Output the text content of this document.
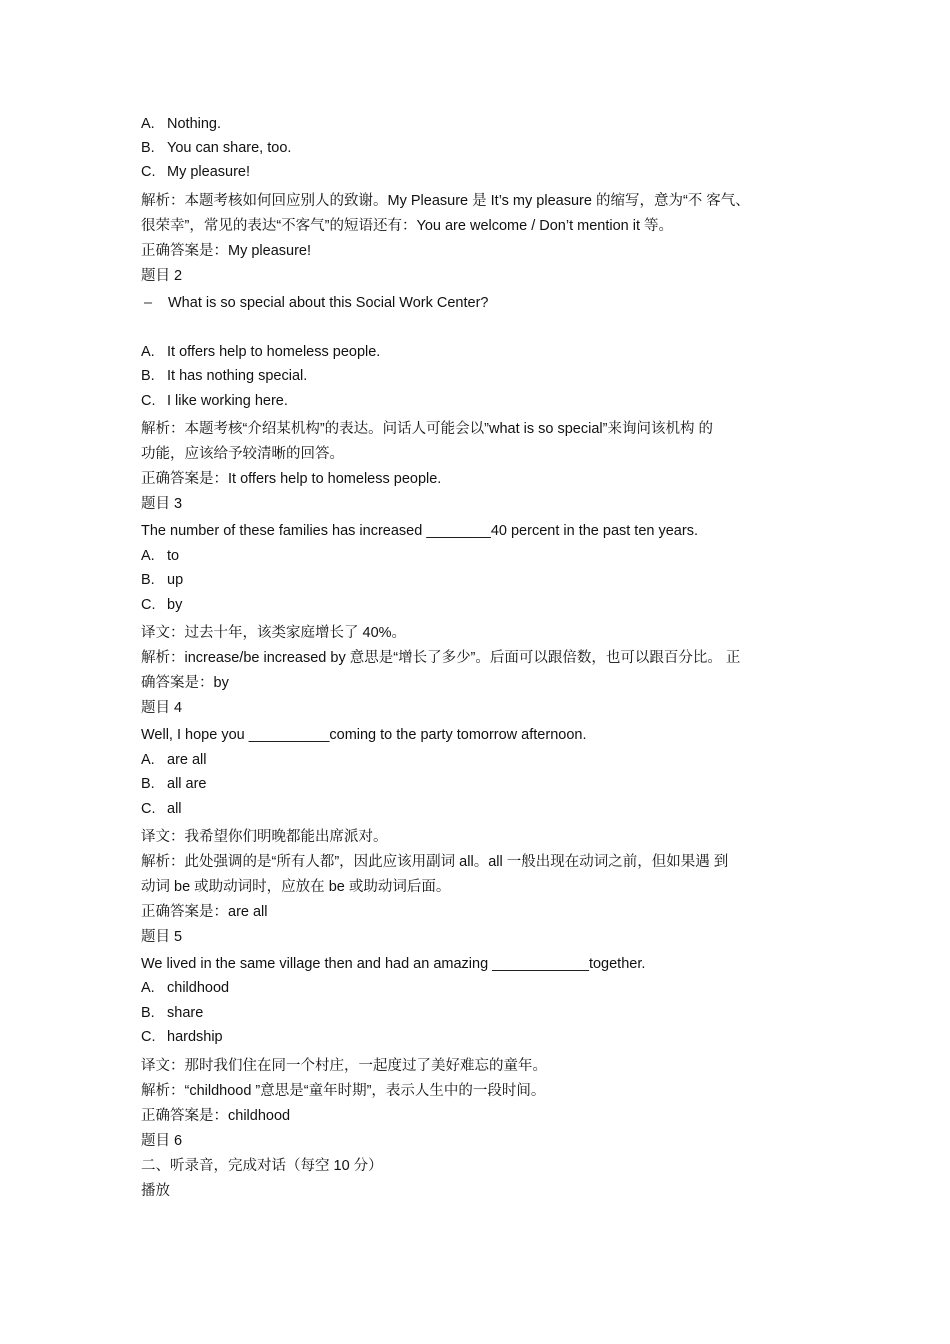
A. Nothing.
B. You can share, too.
C. My pleasure!
解析：本题考核如何回应别人的致谢。My Pleasure 是 It’s my pleasure 的缩写，意为“不 客气、
很荣幸”，常见的表达“不客气”的短语还有：You are welcome / Don’t mention it 等。
正确答案是：My pleasure!
题目 2
– What is so special about this Social Work Center?
A. It offers help to homeless people.
B. It has nothing special.
C. I like working here.
解析：本题考核“介绍某机构”的表达。问话人可能会以”what is so special”来询问该机构 的
功能，应该给予较清晰的回答。
正确答案是：It offers help to homeless people.
题目 3
The number of these families has increased ________40 percent in the past ten years.
A. to
B. up
C. by
译文：过去十年，该类家庭增长了 40%。
解析：increase/be increased by 意思是“增长了多少”。后面可以跟倍数，也可以跟百分比。 正
确答案是：by
题目 4
Well, I hope you __________coming to the party tomorrow afternoon.
A. are all
B. all are
C. all
译文：我希望你们明晚都能出席派对。
解析：此处强调的是“所有人都”，因此应该用副词 all。all 一般出现在动词之前，但如果遇 到
动词 be 或助动词时，应放在 be 或助动词后面。
正确答案是：are all
题目 5
We lived in the same village then and had an amazing ____________together.
A. childhood
B. share
C. hardship
译文：那时我们住在同一个村庄，一起度过了美好难忘的童年。
解析：“childhood ”意思是“童年时期”，表示人生中的一段时间。
正确答案是：childhood
题目 6
二、听录音，完成对话（每空 10 分）
播放
